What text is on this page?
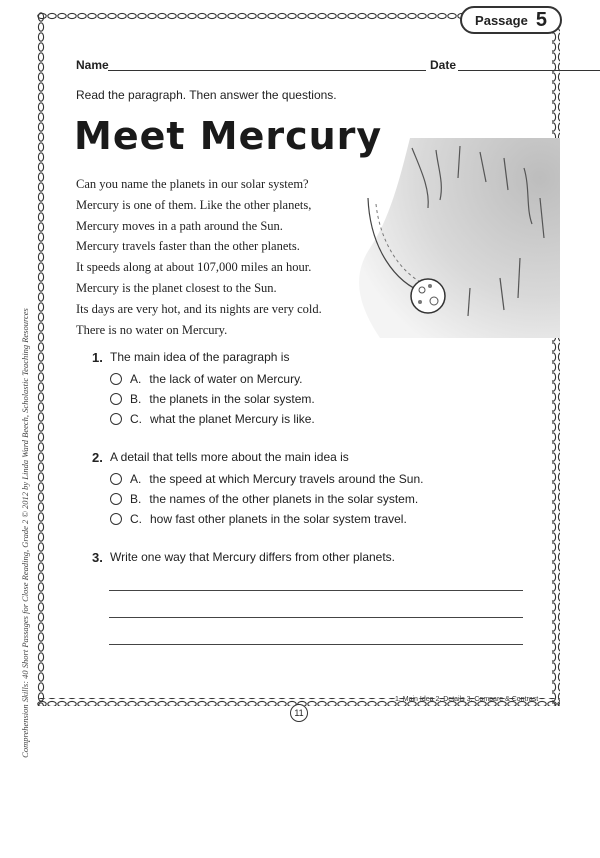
Passage 5
Comprehension Skills: 40 Short Passages for Close Reading, Grade 2 © 2012 by Linda Ward Beech, Scholastic Teaching Resources
Name	Date
Read the paragraph. Then answer the questions.
Meet Mercury
Can you name the planets in our solar system?
Mercury is one of them. Like the other planets,
Mercury moves in a path around the Sun.
Mercury travels faster than the other planets.
It speeds along at about 107,000 miles an hour.
Mercury is the planet closest to the Sun.
Its days are very hot, and its nights are very cold.
There is no water on Mercury.
1. The main idea of the paragraph is
A. the lack of water on Mercury.
B. the planets in the solar system.
C. what the planet Mercury is like.
2. A detail that tells more about the main idea is
A. the speed at which Mercury travels around the Sun.
B. the names of the other planets in the solar system.
C. how fast other planets in the solar system travel.
3. Write one way that Mercury differs from other planets.
1. Main Idea 2. Details 3. Compare & Contrast
11
